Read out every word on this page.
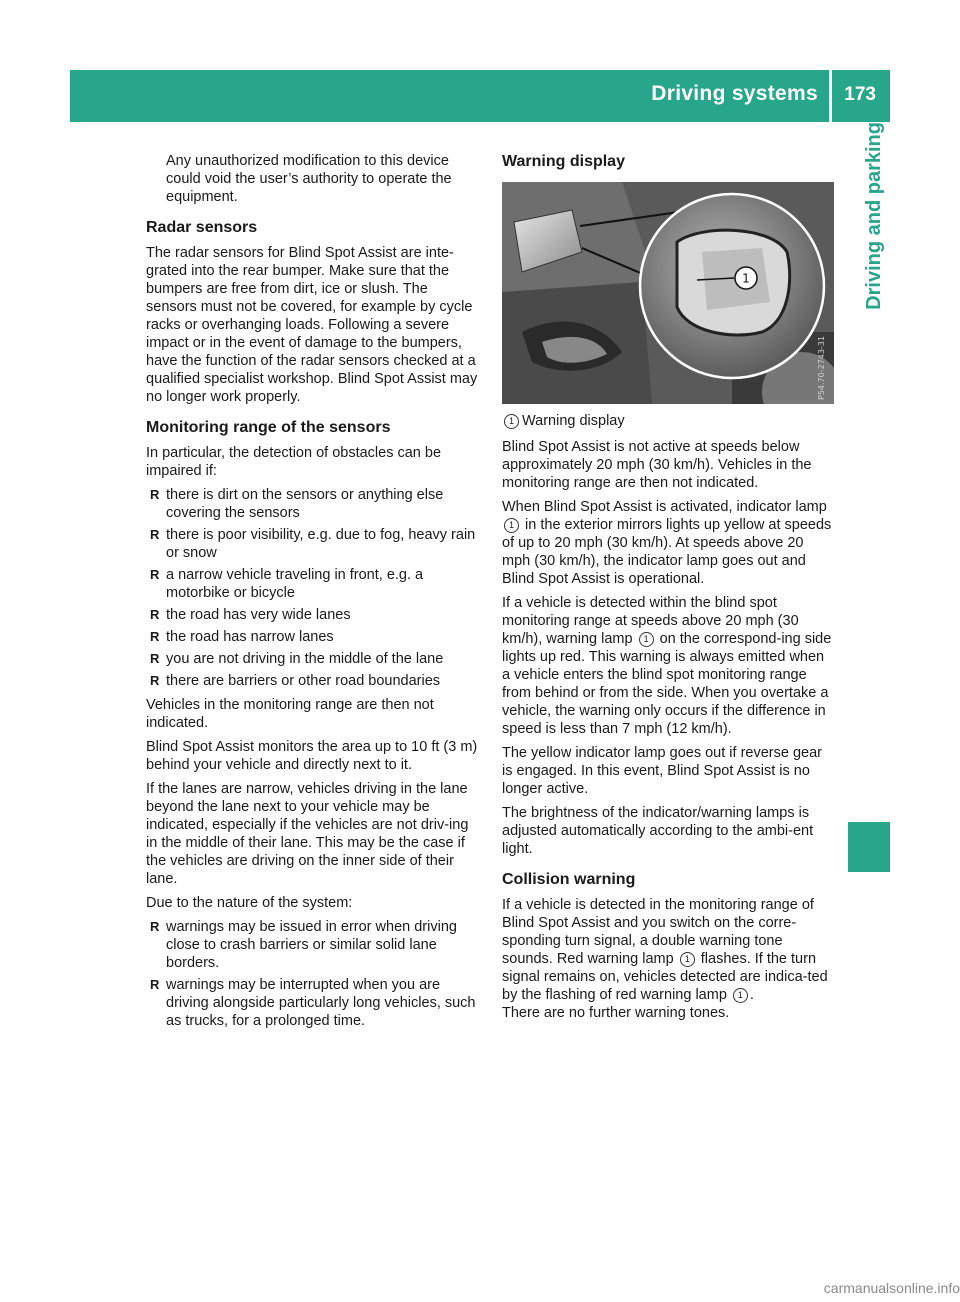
Driving systems 173
Driving and parking

Any unauthorized modification to this device could void the user’s authority to operate the equipment.

Radar sensors

The radar sensors for Blind Spot Assist are inte-grated into the rear bumper. Make sure that the bumpers are free from dirt, ice or slush. The sensors must not be covered, for example by cycle racks or overhanging loads. Following a severe impact or in the event of damage to the bumpers, have the function of the radar sensors checked at a qualified specialist workshop. Blind Spot Assist may no longer work properly.

Monitoring range of the sensors

In particular, the detection of obstacles can be impaired if:

R there is dirt on the sensors or anything else covering the sensors
R there is poor visibility, e.g. due to fog, heavy rain or snow
R a narrow vehicle traveling in front, e.g. a motorbike or bicycle
R the road has very wide lanes
R the road has narrow lanes
R you are not driving in the middle of the lane
R there are barriers or other road boundaries

Vehicles in the monitoring range are then not indicated.

Blind Spot Assist monitors the area up to 10 ft (3 m) behind your vehicle and directly next to it.

If the lanes are narrow, vehicles driving in the lane beyond the lane next to your vehicle may be indicated, especially if the vehicles are not driv-ing in the middle of their lane. This may be the case if the vehicles are driving on the inner side of their lane.

Due to the nature of the system:

R warnings may be issued in error when driving close to crash barriers or similar solid lane borders.
R warnings may be interrupted when you are driving alongside particularly long vehicles, such as trucks, for a prolonged time.
Warning display
1
P54.70-2743-31

1 Warning display

Blind Spot Assist is not active at speeds below approximately 20 mph (30 km/h). Vehicles in the monitoring range are then not indicated.

When Blind Spot Assist is activated, indicator lamp 1 in the exterior mirrors lights up yellow at speeds of up to 20 mph (30 km/h). At speeds above 20 mph (30 km/h), the indicator lamp goes out and Blind Spot Assist is operational.

If a vehicle is detected within the blind spot monitoring range at speeds above 20 mph (30 km/h), warning lamp 1 on the correspond-ing side lights up red. This warning is always emitted when a vehicle enters the blind spot monitoring range from behind or from the side. When you overtake a vehicle, the warning only occurs if the difference in speed is less than 7 mph (12 km/h).

The yellow indicator lamp goes out if reverse gear is engaged. In this event, Blind Spot Assist is no longer active.

The brightness of the indicator/warning lamps is adjusted automatically according to the ambi-ent light.

Collision warning

If a vehicle is detected in the monitoring range of Blind Spot Assist and you switch on the corre-sponding turn signal, a double warning tone sounds. Red warning lamp 1 flashes. If the turn signal remains on, vehicles detected are indica-ted by the flashing of red warning lamp 1 .
There are no further warning tones.

carmanualsonline.info
